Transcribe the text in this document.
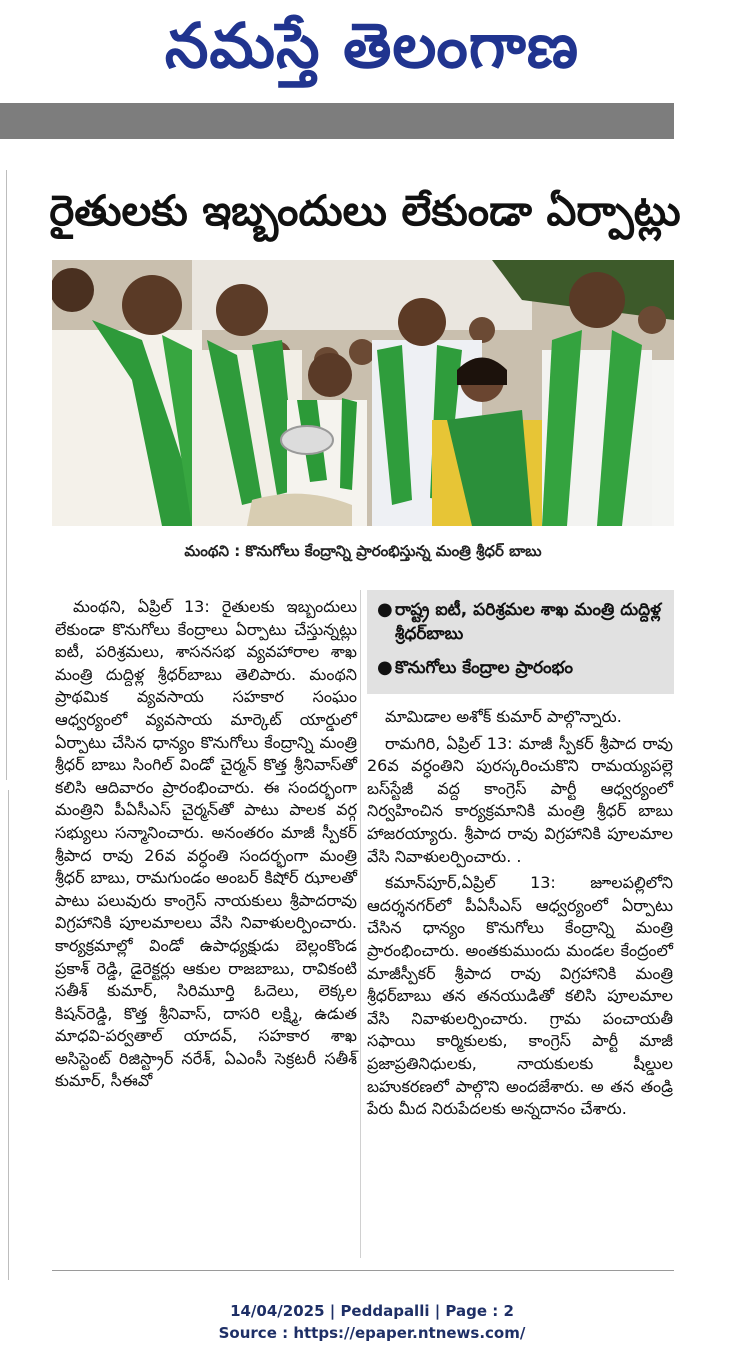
నమస్తే తెలంగాణ
రైతులకు ఇబ్బందులు లేకుండా ఏర్పాట్లు
మంథని : కొనుగోలు కేంద్రాన్ని ప్రారంభిస్తున్న మంత్రి శ్రీధర్ బాబు

మంథని, ఏప్రిల్ 13: రైతులకు ఇబ్బందులు లేకుండా కొనుగోలు కేంద్రాలు ఏర్పాటు చేస్తున్నట్లు ఐటీ, పరిశ్రమలు, శాసనసభ వ్యవహారాల శాఖ మంత్రి దుద్దిళ్ల శ్రీధర్‌బాబు తెలిపారు. మంథని ప్రాథమిక వ్యవసాయ సహకార సంఘం ఆధ్వర్యంలో వ్యవసాయ మార్కెట్ యార్డులో ఏర్పాటు చేసిన ధాన్యం కొనుగోలు కేంద్రాన్ని మంత్రి శ్రీధర్ బాబు సింగిల్ విండో చైర్మన్ కొత్త శ్రీనివాస్‌తో కలిసి ఆదివారం ప్రారంభించారు. ఈ సందర్భంగా మంత్రిని పీఏసీఎస్ చైర్మన్‌తో పాటు పాలక వర్గ సభ్యులు సన్మానించారు. అనంతరం మాజీ స్పీకర్ శ్రీపాద రావు 26వ వర్ధంతి సందర్భంగా మంత్రి శ్రీధర్ బాబు, రామగుండం అంబర్ కిషోర్ ఝాలతో పాటు పలువురు కాంగ్రెస్ నాయకులు శ్రీపాదరావు విగ్రహానికి పూలమాలలు వేసి నివాళులర్పించారు. కార్యక్రమాల్లో విండో ఉపాధ్యక్షుడు బెల్లంకొండ ప్రకాశ్ రెడ్డి, డైరెక్టర్లు ఆకుల రాజబాబు, రావికంటి సతీశ్ కుమార్, సిరిమూర్తి ఓదెలు, లెక్కల కిషన్‌రెడ్డి, కొత్త శ్రీనివాస్, దాసరి లక్ష్మి, ఉడుత మాధవి-పర్వతాల్ యాదవ్, సహకార శాఖ అసిస్టెంట్ రిజిస్ట్రార్ నరేశ్, ఏఎంసీ సెక్రటరీ సతీశ్ కుమార్, సీఈవో

● రాష్ట్ర ఐటీ, పరిశ్రమల శాఖ మంత్రి దుద్దిళ్ల శ్రీధర్‌బాబు
● కొనుగోలు కేంద్రాల ప్రారంభం

మామిడాల అశోక్ కుమార్ పాల్గొన్నారు.

రామగిరి, ఏప్రిల్ 13: మాజీ స్పీకర్ శ్రీపాద రావు 26వ వర్ధంతిని పురస్కరించుకొని రామయ్యపల్లె బస్‌స్టేజీ వద్ద కాంగ్రెస్ పార్టీ ఆధ్వర్యంలో నిర్వహించిన కార్యక్రమానికి మంత్రి శ్రీధర్ బాబు హాజరయ్యారు. శ్రీపాద రావు విగ్రహానికి పూలమాల వేసి నివాళులర్పించారు. .

కమాన్‌పూర్,ఏప్రిల్ 13: జూలపల్లిలోని ఆదర్శనగర్‌లో పీఏసీఎస్ ఆధ్వర్యంలో ఏర్పాటు చేసిన ధాన్యం కొనుగోలు కేంద్రాన్ని మంత్రి ప్రారంభించారు. అంతకుముందు మండల కేంద్రంలో మాజీస్పీకర్ శ్రీపాద రావు విగ్రహానికి మంత్రి శ్రీధర్‌బాబు తన తనయుడితో కలిసి పూలమాల వేసి నివాళులర్పించారు. గ్రామ పంచాయతీ సఫాయి కార్మికులకు, కాంగ్రెస్ పార్టీ మాజీ ప్రజాప్రతినిధులకు, నాయకులకు షీల్డుల బహుకరణలో పాల్గొని అందజేశారు. అ తన తండ్రి పేరు మీద నిరుపేదలకు అన్నదానం చేశారు.

14/04/2025 | Peddapalli | Page : 2
Source : https://epaper.ntnews.com/
